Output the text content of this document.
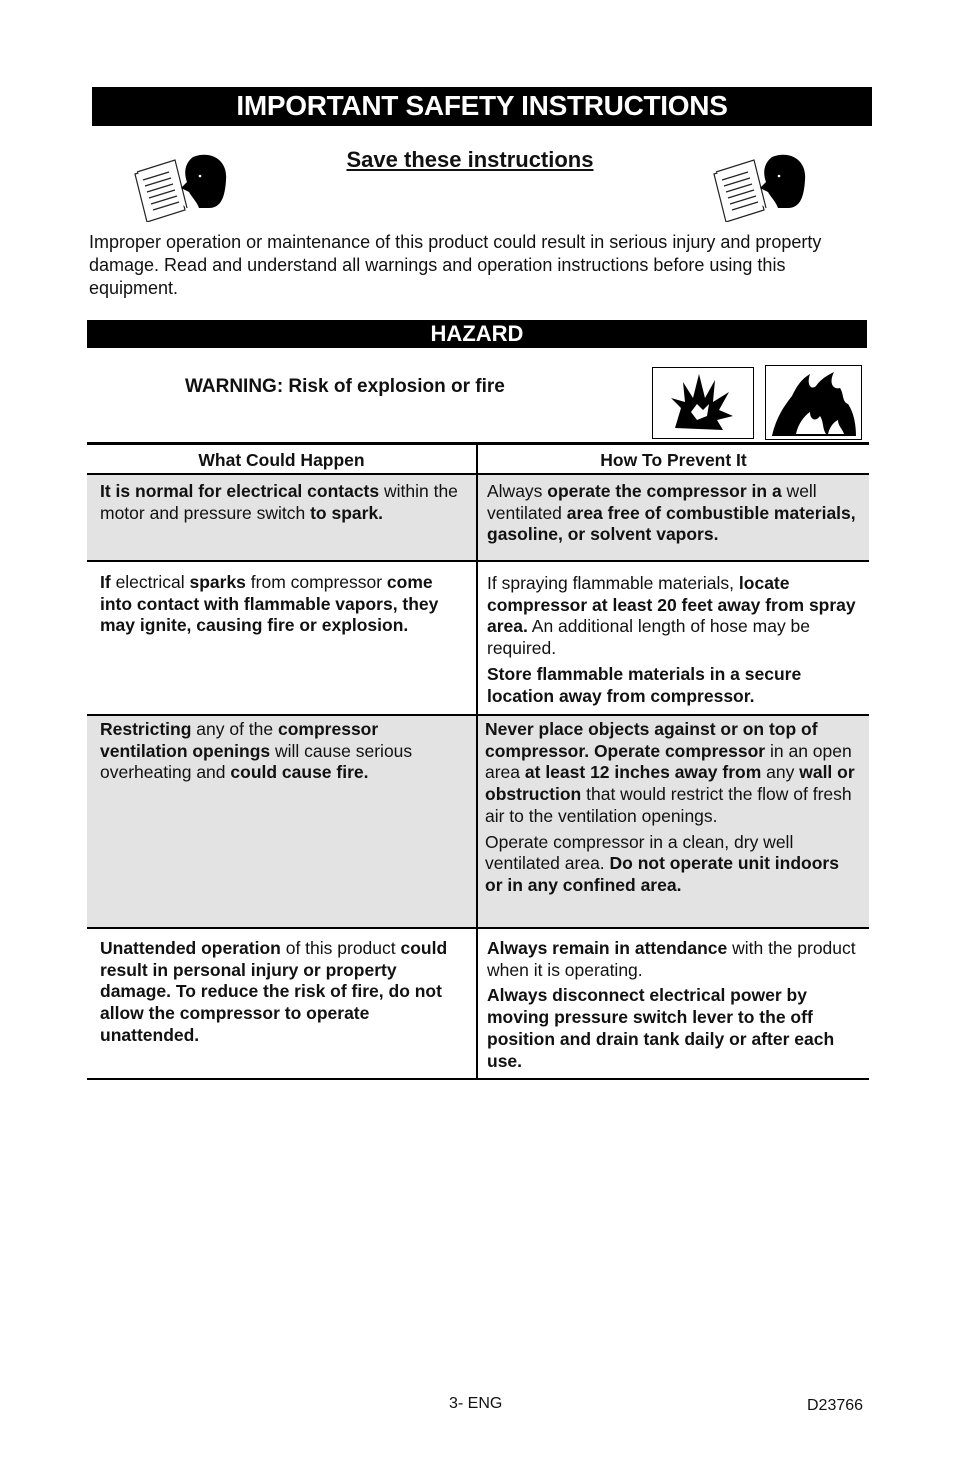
IMPORTANT SAFETY INSTRUCTIONS
Save these instructions
Improper operation or maintenance of this product could result in serious injury and property damage. Read and understand all warnings and operation instructions before using this equipment.
HAZARD
WARNING: Risk of explosion or fire
What Could Happen	How To Prevent It

It is normal for electrical contacts within the motor and pressure switch to spark.

Always operate the compressor in a well ventilated area free of combustible materials, gasoline, or solvent vapors.

If electrical sparks from compressor come into contact with flammable vapors, they may ignite, causing fire or explosion.

If spraying flammable materials, locate compressor at least 20 feet away from spray area. An additional length of hose may be required.

Store flammable materials in a secure location away from compressor.

Restricting any of the compressor ventilation openings will cause serious overheating and could cause fire.

Never place objects against or on top of compressor. Operate compressor in an open area at least 12 inches away from any wall or obstruction that would restrict the flow of fresh air to the ventilation openings.

Operate compressor in a clean, dry well ventilated area. Do not operate unit indoors or in any confined area.

Unattended operation of this product could result in personal injury or property damage. To reduce the risk of fire, do not allow the compressor to operate unattended.

Always remain in attendance with the product when it is operating.

Always disconnect electrical power by moving pressure switch lever to the off position and drain tank daily or after each use.

3- ENG	D23766
